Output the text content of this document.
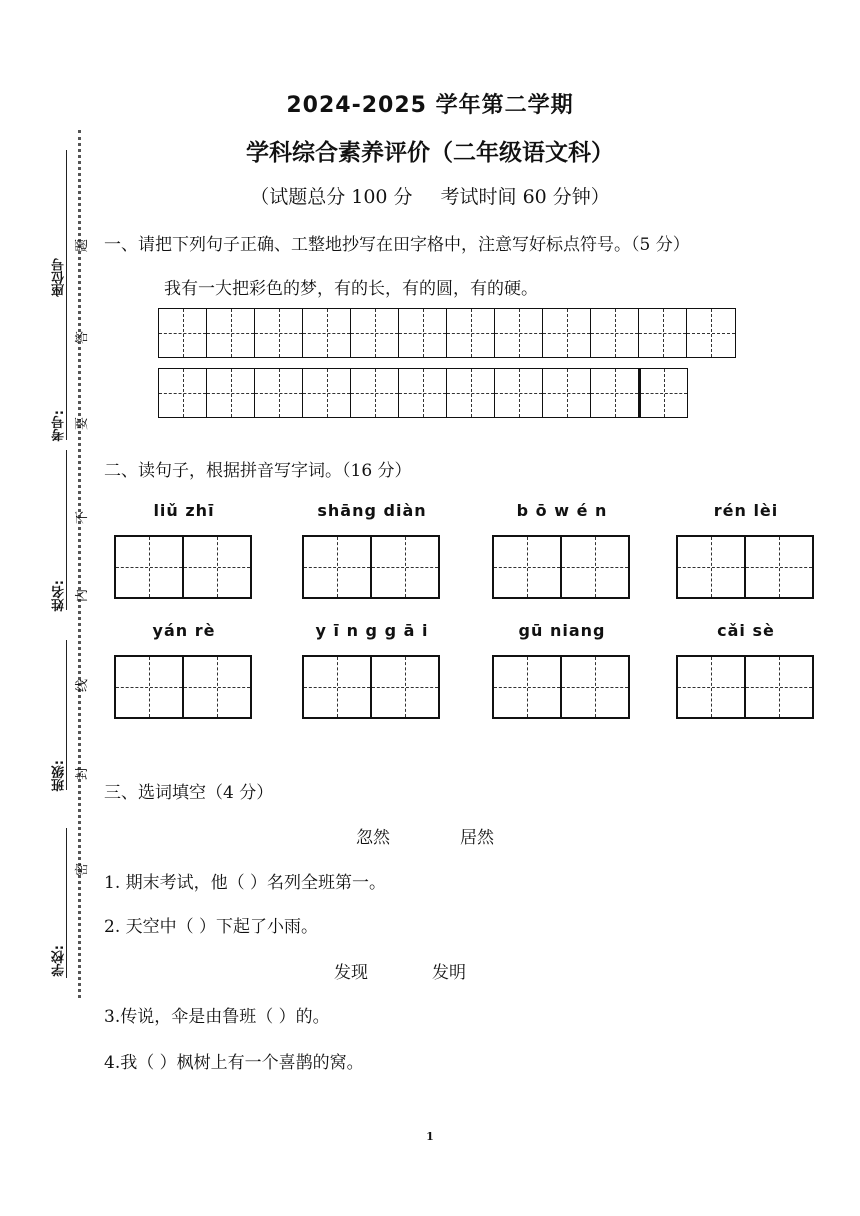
座位号
考号:
姓名:
班级:
学校:
题
答
要
不
内
线
封
密
2024-2025 学年第二学期
学科综合素养评价（二年级语文科）
（试题总分 100 分 考试时间 60 分钟）
一、请把下列句子正确、工整地抄写在田字格中，注意写好标点符号。（5 分）
我有一大把彩色的梦，有的长，有的圆，有的硬。
二、读句子，根据拼音写字词。（16 分）
liǔ zhī	shāng diàn	b ō w é n	rén lèi
yán rè	y ī n g g ā i	gū niang	cǎi sè
三、选词填空（4 分）
忽然	居然
1. 期末考试，他（ ）名列全班第一。
2. 天空中（ ）下起了小雨。
发现	发明
3.传说，伞是由鲁班（ ）的。
4.我（ ）枫树上有一个喜鹊的窝。
1
